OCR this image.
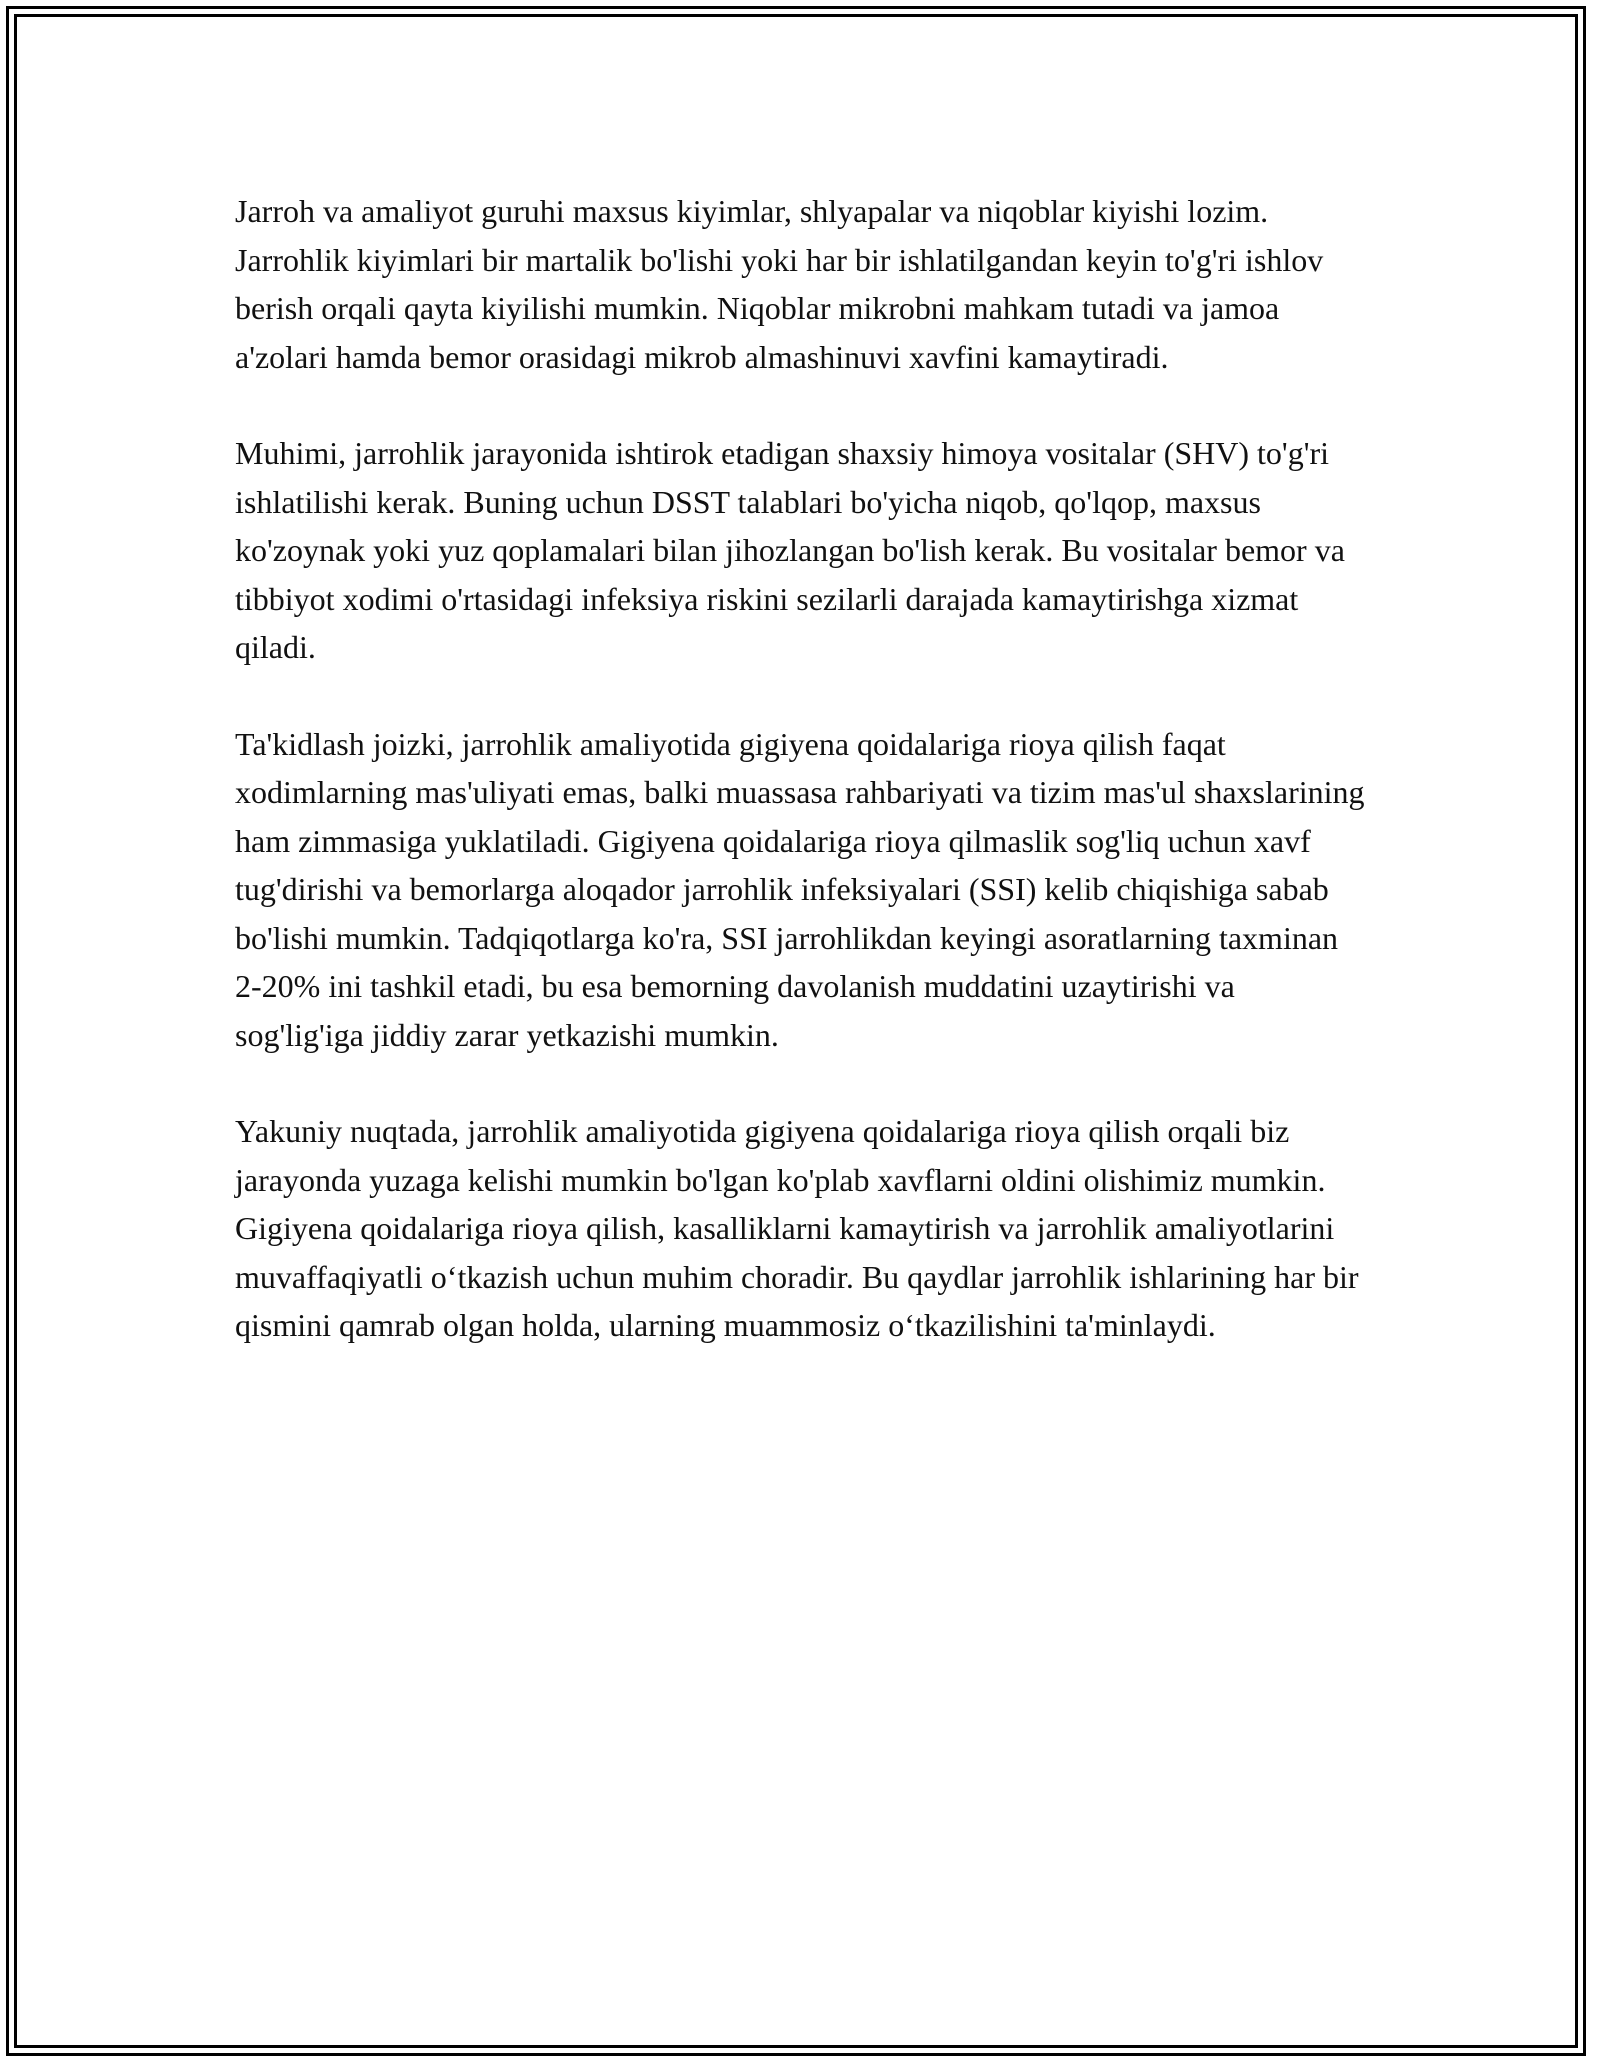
Jarroh va amaliyot guruhi maxsus kiyimlar, shlyapalar va niqoblar kiyishi lozim. Jarrohlik kiyimlari bir martalik bo'lishi yoki har bir ishlatilgandan keyin to'g'ri ishlov berish orqali qayta kiyilishi mumkin. Niqoblar mikrobni mahkam tutadi va jamoa a'zolari hamda bemor orasidagi mikrob almashinuvi xavfini kamaytiradi.

Muhimi, jarrohlik jarayonida ishtirok etadigan shaxsiy himoya vositalar (SHV) to'g'ri ishlatilishi kerak. Buning uchun DSST talablari bo'yicha niqob, qo'lqop, maxsus ko'zoynak yoki yuz qoplamalari bilan jihozlangan bo'lish kerak. Bu vositalar bemor va tibbiyot xodimi o'rtasidagi infeksiya riskini sezilarli darajada kamaytirishga xizmat qiladi.

Ta'kidlash joizki, jarrohlik amaliyotida gigiyena qoidalariga rioya qilish faqat xodimlarning mas'uliyati emas, balki muassasa rahbariyati va tizim mas'ul shaxslarining ham zimmasiga yuklatiladi. Gigiyena qoidalariga rioya qilmaslik sog'liq uchun xavf tug'dirishi va bemorlarga aloqador jarrohlik infeksiyalari (SSI) kelib chiqishiga sabab bo'lishi mumkin. Tadqiqotlarga ko'ra, SSI jarrohlikdan keyingi asoratlarning taxminan 2-20% ini tashkil etadi, bu esa bemorning davolanish muddatini uzaytirishi va sog'lig'iga jiddiy zarar yetkazishi mumkin.

Yakuniy nuqtada, jarrohlik amaliyotida gigiyena qoidalariga rioya qilish orqali biz jarayonda yuzaga kelishi mumkin bo'lgan ko'plab xavflarni oldini olishimiz mumkin. Gigiyena qoidalariga rioya qilish, kasalliklarni kamaytirish va jarrohlik amaliyotlarini muvaffaqiyatli o‘tkazish uchun muhim choradir. Bu qaydlar jarrohlik ishlarining har bir qismini qamrab olgan holda, ularning muammosiz o‘tkazilishini ta'minlaydi.
